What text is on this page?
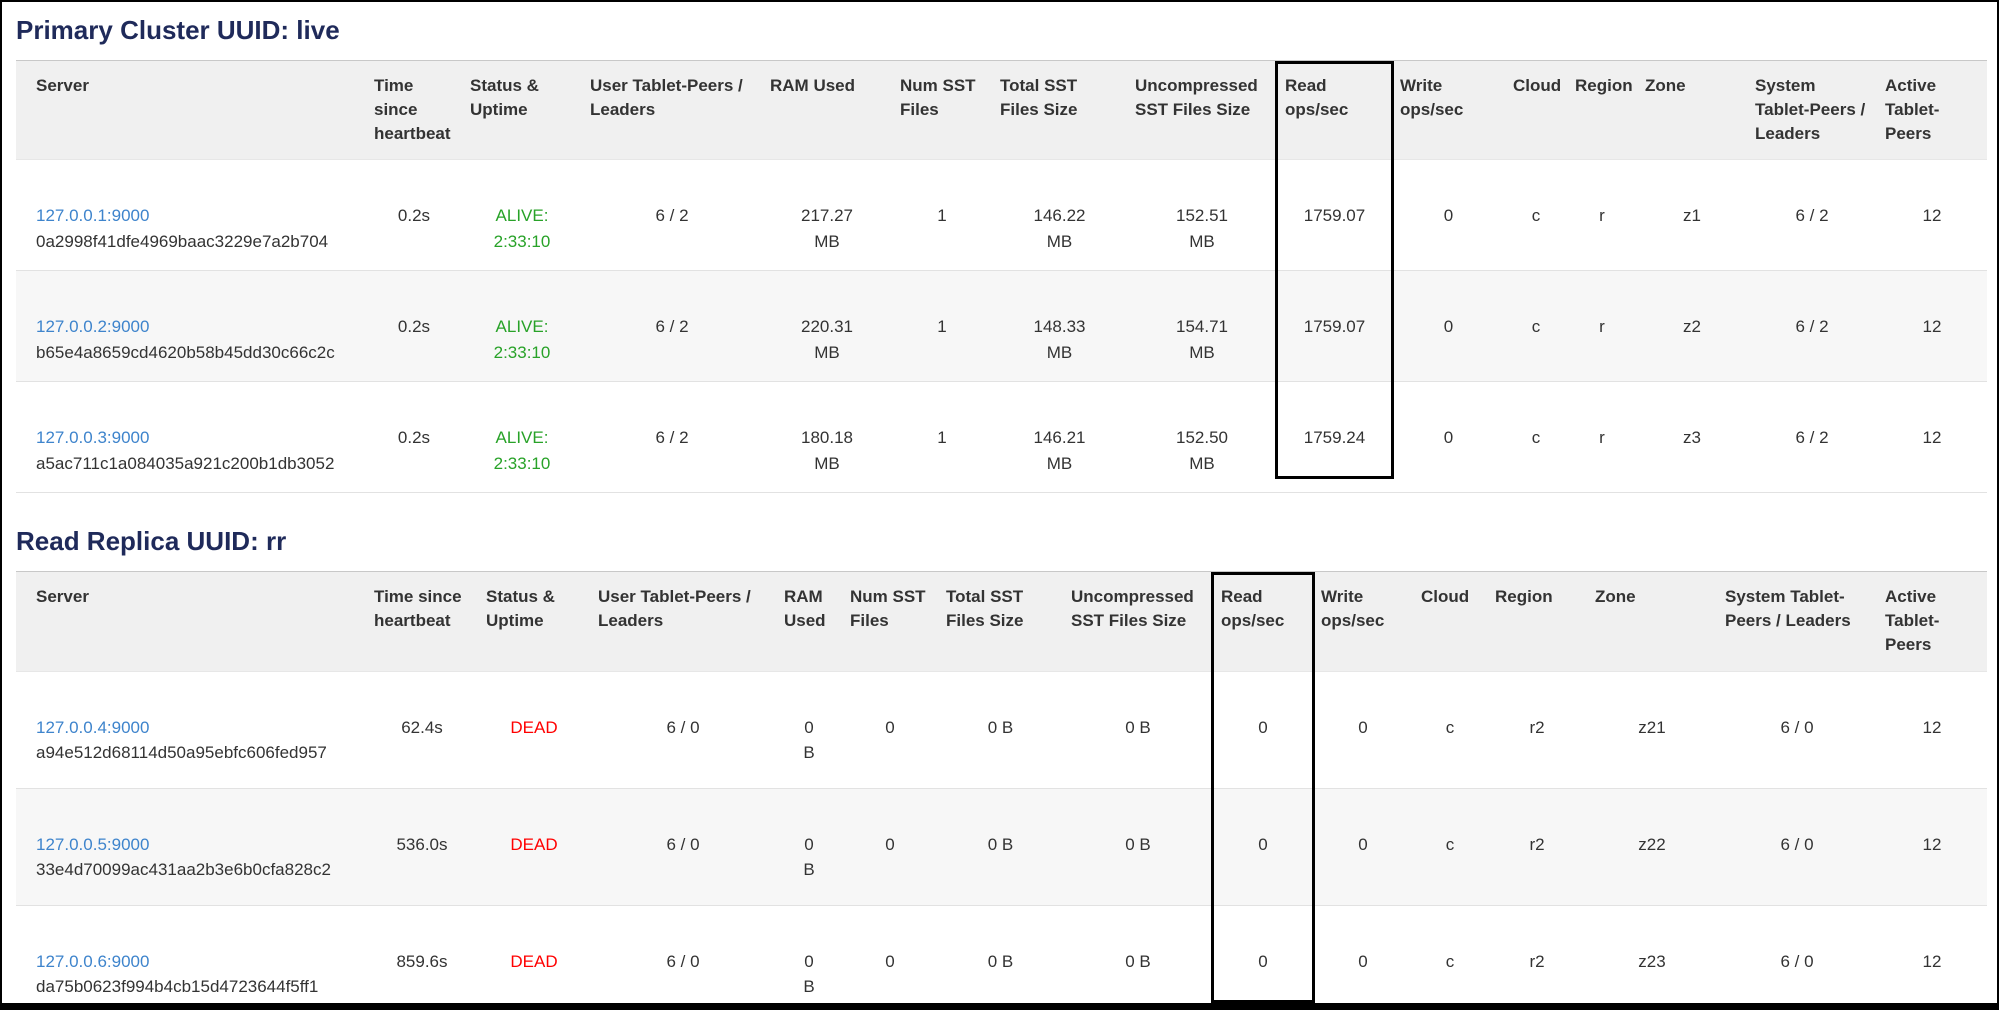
Primary Cluster UUID: live
Server	Time since heartbeat	Status & Uptime	User Tablet-Peers / Leaders	RAM Used	Num SST Files	Total SST Files Size	Uncompressed SST Files Size	Read ops/sec	Write ops/sec	Cloud	Region	Zone	System Tablet-Peers / Leaders	Active Tablet-Peers
127.0.0.1:9000
0a2998f41dfe4969baac3229e7a2b704
	0.2s	ALIVE:
2:33:10
	6 / 2	217.27 MB	1	146.22 MB	152.51 MB	1759.07	0	c	r	z1	6 / 2	12
127.0.0.2:9000
b65e4a8659cd4620b58b45dd30c66c2c
	0.2s	ALIVE:
2:33:10
	6 / 2	220.31 MB	1	148.33 MB	154.71 MB	1759.07	0	c	r	z2	6 / 2	12
127.0.0.3:9000
a5ac711c1a084035a921c200b1db3052
	0.2s	ALIVE:
2:33:10
	6 / 2	180.18 MB	1	146.21 MB	152.50 MB	1759.24	0	c	r	z3	6 / 2	12
Read Replica UUID: rr
Server	Time since heartbeat	Status & Uptime	User Tablet-Peers / Leaders	RAM Used	Num SST Files	Total SST Files Size	Uncompressed SST Files Size	Read ops/sec	Write ops/sec	Cloud	Region	Zone	System Tablet-Peers / Leaders	Active Tablet-Peers
127.0.0.4:9000
a94e512d68114d50a95ebfc606fed957	62.4s	DEAD	6 / 0	0 B	0	0 B	0 B	0	0	c	r2	z21	6 / 0	12
127.0.0.5:9000
33e4d70099ac431aa2b3e6b0cfa828c2	536.0s	DEAD	6 / 0	0 B	0	0 B	0 B	0	0	c	r2	z22	6 / 0	12
127.0.0.6:9000
da75b0623f994b4cb15d4723644f5ff1	859.6s	DEAD	6 / 0	0 B	0	0 B	0 B	0	0	c	r2	z23	6 / 0	12
